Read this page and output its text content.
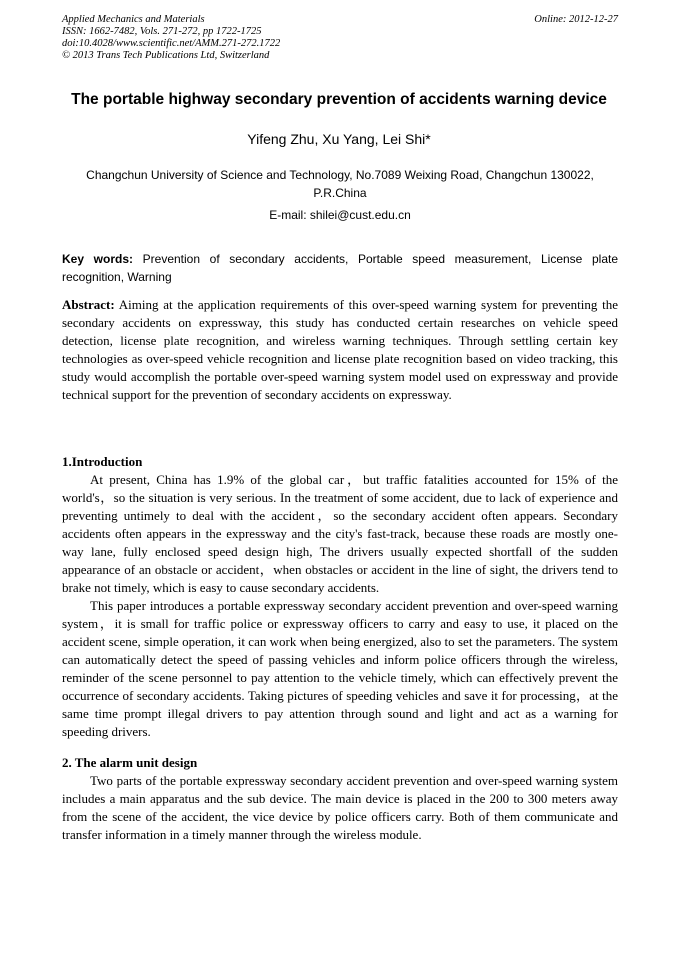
Applied Mechanics and Materials
ISSN: 1662-7482, Vols. 271-272, pp 1722-1725
doi:10.4028/www.scientific.net/AMM.271-272.1722
© 2013 Trans Tech Publications Ltd, Switzerland
Online: 2012-12-27
The portable highway secondary prevention of accidents warning device
Yifeng Zhu, Xu Yang, Lei Shi*
Changchun University of Science and Technology, No.7089 Weixing Road, Changchun 130022,
P.R.China
E-mail: shilei@cust.edu.cn
Key words: Prevention of secondary accidents, Portable speed measurement, License plate recognition, Warning
Abstract: Aiming at the application requirements of this over-speed warning system for preventing the secondary accidents on expressway, this study has conducted certain researches on vehicle speed detection, license plate recognition, and wireless warning techniques. Through settling certain key technologies as over-speed vehicle recognition and license plate recognition based on video tracking, this study would accomplish the portable over-speed warning system model used on expressway and provide technical support for the prevention of secondary accidents on expressway.
1.Introduction
At present, China has 1.9% of the global car，but traffic fatalities accounted for 15% of the world's，so the situation is very serious. In the treatment of some accident, due to lack of experience and preventing untimely to deal with the accident，so the secondary accident often appears. Secondary accidents often appears in the expressway and the city's fast-track, because these roads are mostly one-way lane, fully enclosed speed design high, The drivers usually expected shortfall of the sudden appearance of an obstacle or accident，when obstacles or accident in the line of sight, the drivers tend to brake not timely, which is easy to cause secondary accidents.
This paper introduces a portable expressway secondary accident prevention and over-speed warning system，it is small for traffic police or expressway officers to carry and easy to use, it placed on the accident scene, simple operation, it can work when being energized, also to set the parameters. The system can automatically detect the speed of passing vehicles and inform police officers through the wireless, reminder of the scene personnel to pay attention to the vehicle timely, which can effectively prevent the occurrence of secondary accidents. Taking pictures of speeding vehicles and save it for processing，at the same time prompt illegal drivers to pay attention through sound and light and act as a warning for speeding drivers.
2. The alarm unit design
Two parts of the portable expressway secondary accident prevention and over-speed warning system includes a main apparatus and the sub device. The main device is placed in the 200 to 300 meters away from the scene of the accident, the vice device by police officers carry. Both of them communicate and transfer information in a timely manner through the wireless module.
